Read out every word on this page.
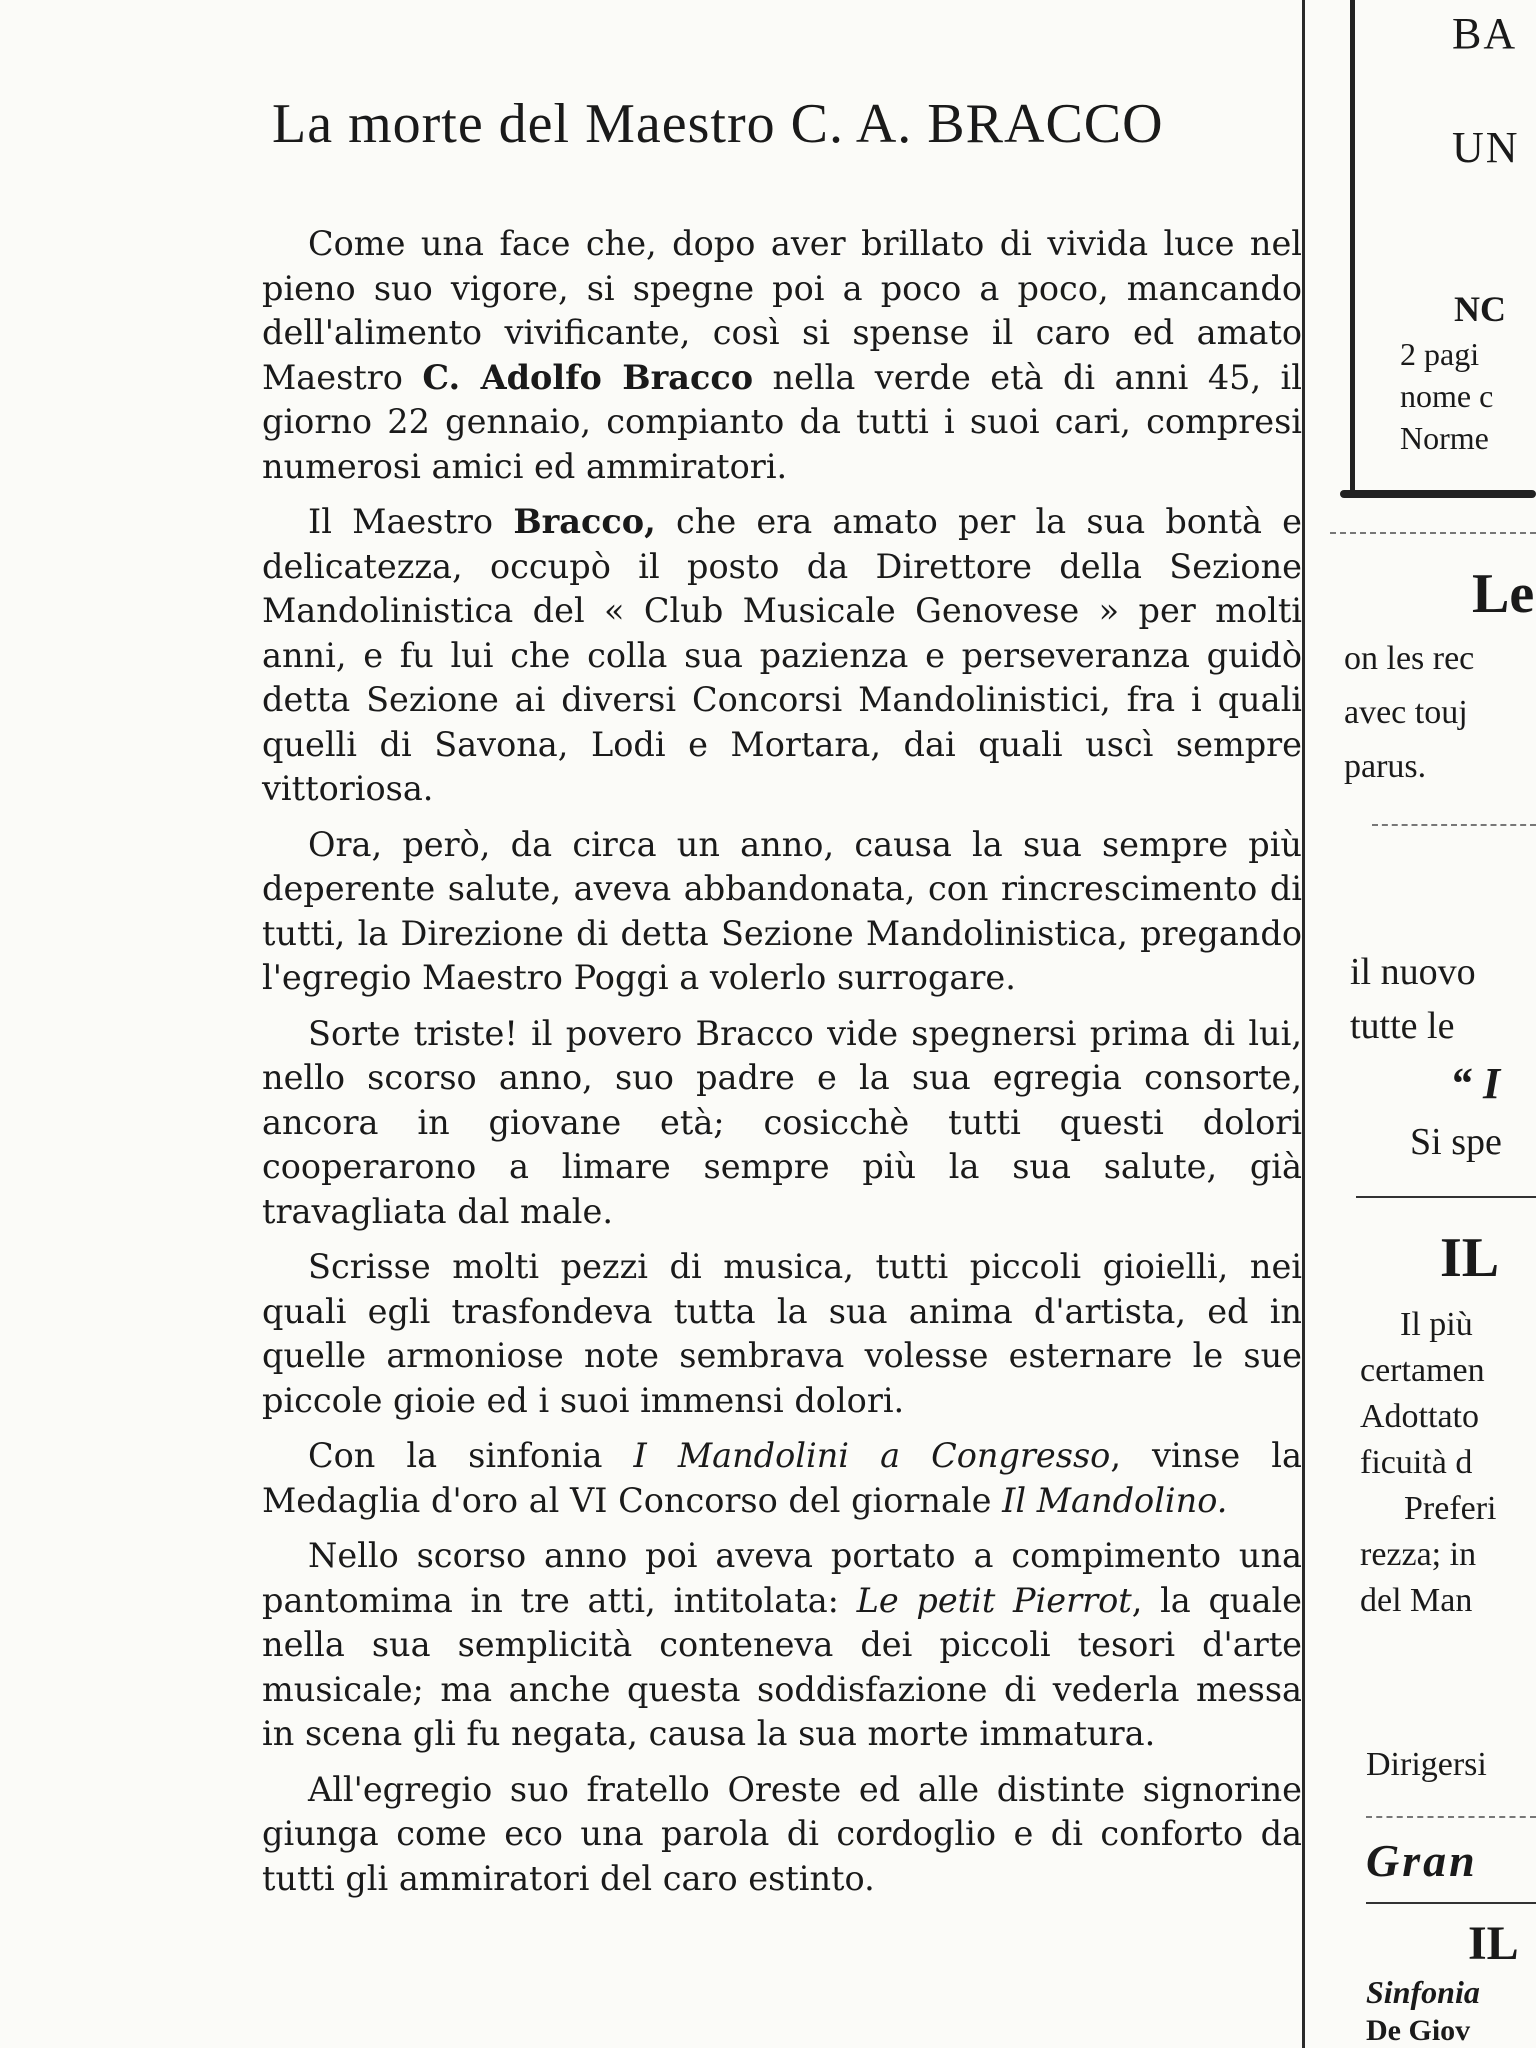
La morte del Maestro C. A. BRACCO

Come una face che, dopo aver brillato di vivida luce nel pieno suo vigore, si spegne poi a poco a poco, mancando dell'alimento vivificante, così si spense il caro ed amato Maestro C. Adolfo Bracco nella verde età di anni 45, il giorno 22 gennaio, compianto da tutti i suoi cari, compresi numerosi amici ed ammiratori.

Il Maestro Bracco, che era amato per la sua bontà e delicatezza, occupò il posto da Direttore della Sezione Mandolinistica del « Club Musicale Genovese » per molti anni, e fu lui che colla sua pazienza e perseveranza guidò detta Sezione ai diversi Concorsi Mandolinistici, fra i quali quelli di Savona, Lodi e Mortara, dai quali uscì sempre vittoriosa.

Ora, però, da circa un anno, causa la sua sempre più deperente salute, aveva abbandonata, con rincrescimento di tutti, la Direzione di detta Sezione Mandolinistica, pregando l'egregio Maestro Poggi a volerlo surrogare.

Sorte triste! il povero Bracco vide spegnersi prima di lui, nello scorso anno, suo padre e la sua egregia consorte, ancora in giovane età; cosicchè tutti questi dolori cooperarono a limare sempre più la sua salute, già travagliata dal male.

Scrisse molti pezzi di musica, tutti piccoli gioielli, nei quali egli trasfondeva tutta la sua anima d'artista, ed in quelle armoniose note sembrava volesse esternare le sue piccole gioie ed i suoi immensi dolori.

Con la sinfonia I Mandolini a Congresso, vinse la Medaglia d'oro al VI Concorso del giornale Il Mandolino.

Nello scorso anno poi aveva portato a compimento una pantomima in tre atti, intitolata: Le petit Pierrot, la quale nella sua semplicità conteneva dei piccoli tesori d'arte musicale; ma anche questa soddisfazione di vederla messa in scena gli fu negata, causa la sua morte immatura.

All'egregio suo fratello Oreste ed alle distinte signorine giunga come eco una parola di cordoglio e di conforto da tutti gli ammiratori del caro estinto.

BA
UN
NC
2 pagi
nome c
Norme
Le
on les rec
avec touj
parus.
il nuovo
tutte le
“ I
Si spe
IL
Il più
certamen
Adottato
ficuità d
Preferi
rezza; in
del Man
Dirigersi
Gran
IL
Sinfonia
De Giov
